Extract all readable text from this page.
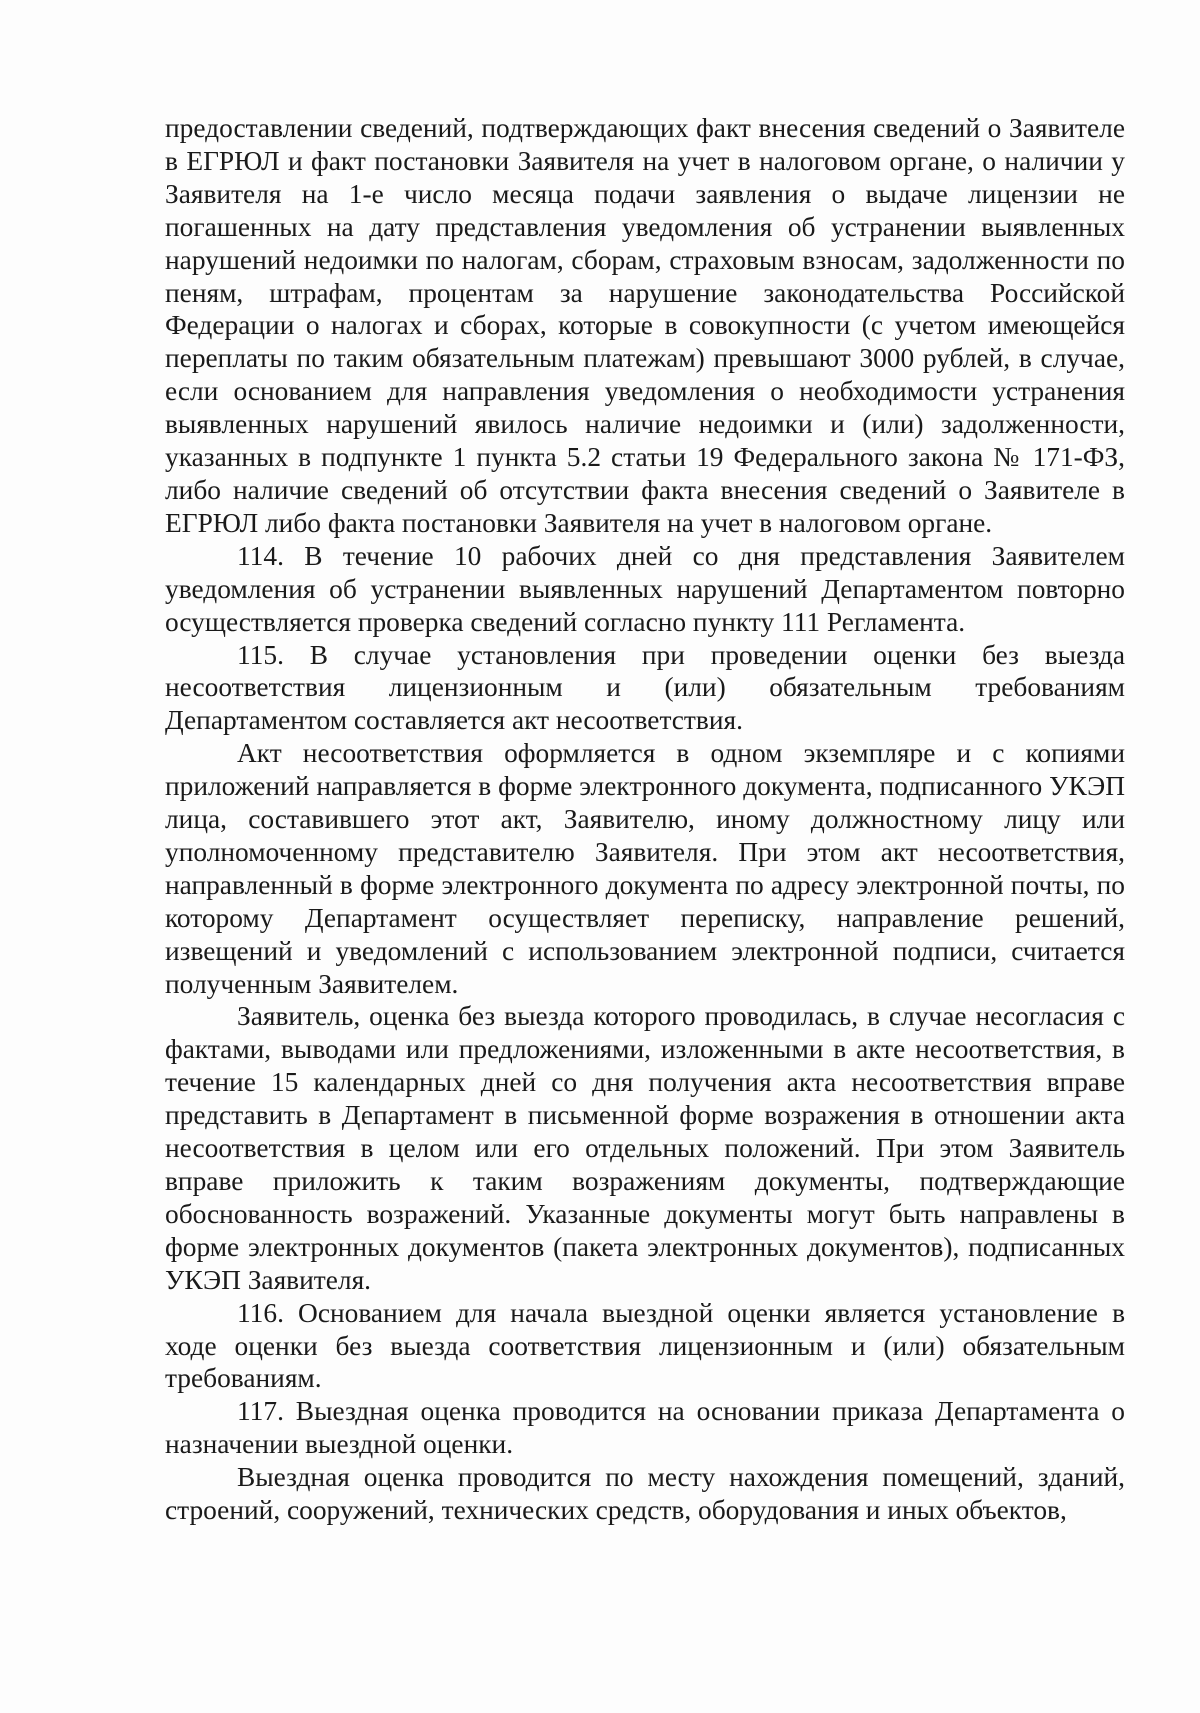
предоставлении сведений, подтверждающих факт внесения сведений о Заявителе в ЕГРЮЛ и факт постановки Заявителя на учет в налоговом органе, о наличии у Заявителя на 1-е число месяца подачи заявления о выдаче лицензии не погашенных на дату представления уведомления об устранении выявленных нарушений недоимки по налогам, сборам, страховым взносам, задолженности по пеням, штрафам, процентам за нарушение законодательства Российской Федерации о налогах и сборах, которые в совокупности (с учетом имеющейся переплаты по таким обязательным платежам) превышают 3000 рублей, в случае, если основанием для направления уведомления о необходимости устранения выявленных нарушений явилось наличие недоимки и (или) задолженности, указанных в подпункте 1 пункта 5.2 статьи 19 Федерального закона № 171-ФЗ, либо наличие сведений об отсутствии факта внесения сведений о Заявителе в ЕГРЮЛ либо факта постановки Заявителя на учет в налоговом органе.

114. В течение 10 рабочих дней со дня представления Заявителем уведомления об устранении выявленных нарушений Департаментом повторно осуществляется проверка сведений согласно пункту 111 Регламента.

115. В случае установления при проведении оценки без выезда несоответствия лицензионным и (или) обязательным требованиям Департаментом составляется акт несоответствия.

Акт несоответствия оформляется в одном экземпляре и с копиями приложений направляется в форме электронного документа, подписанного УКЭП лица, составившего этот акт, Заявителю, иному должностному лицу или уполномоченному представителю Заявителя. При этом акт несоответствия, направленный в форме электронного документа по адресу электронной почты, по которому Департамент осуществляет переписку, направление решений, извещений и уведомлений с использованием электронной подписи, считается полученным Заявителем.

Заявитель, оценка без выезда которого проводилась, в случае несогласия с фактами, выводами или предложениями, изложенными в акте несоответствия, в течение 15 календарных дней со дня получения акта несоответствия вправе представить в Департамент в письменной форме возражения в отношении акта несоответствия в целом или его отдельных положений. При этом Заявитель вправе приложить к таким возражениям документы, подтверждающие обоснованность возражений. Указанные документы могут быть направлены в форме электронных документов (пакета электронных документов), подписанных УКЭП Заявителя.

116. Основанием для начала выездной оценки является установление в ходе оценки без выезда соответствия лицензионным и (или) обязательным требованиям.

117. Выездная оценка проводится на основании приказа Департамента о назначении выездной оценки.

Выездная оценка проводится по месту нахождения помещений, зданий, строений, сооружений, технических средств, оборудования и иных объектов,
